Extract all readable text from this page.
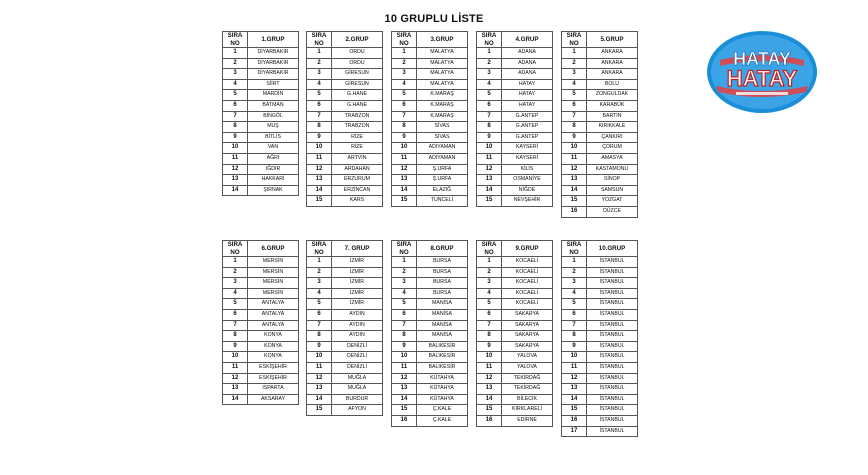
10 GRUPLU LİSTE
SIRA
NO	1.GRUP
1	DİYARBAKIR
2	DİYARBAKIR
3	DİYARBAKIR
4	SİİRT
5	MARDİN
6	BATMAN
7	BİNGÖL
8	MUŞ
9	BİTLİS
10	VAN
11	AĞRI
12	IĞDIR
13	HAKKARİ
14	ŞIRNAK
SIRA
NO	2.GRUP
1	ORDU
2	ORDU
3	GİRESUN
4	GİRESUN
5	G.HANE
6	G.HANE
7	TRABZON
8	TRABZON
9	RİZE
10	RİZE
11	ARTVİN
12	ARDAHAN
13	ERZURUM
14	ERZİNCAN
15	KARS
SIRA
NO	3.GRUP
1	MALATYA
2	MALATYA
3	MALATYA
4	MALATYA
5	K.MARAŞ
6	K.MARAŞ
7	K.MARAŞ
8	SİVAS
9	SİVAS
10	ADIYAMAN
11	ADIYAMAN
12	Ş.URFA
13	Ş.URFA
14	ELAZIĞ
15	TUNCELİ
SIRA
NO	4.GRUP
1	ADANA
2	ADANA
3	ADANA
4	HATAY
5	HATAY
6	HATAY
7	G.ANTEP
8	G.ANTEP
9	G.ANTEP
10	KAYSERİ
11	KAYSERİ
12	KİLİS
13	OSMANİYE
14	NİĞDE
15	NEVŞEHİR
SIRA
NO	5.GRUP
1	ANKARA
2	ANKARA
3	ANKARA
4	BOLU
5	ZONGULDAK
6	KARABÜK
7	BARTIN
8	KIRIKKALE
9	ÇANKIRI
10	ÇORUM
11	AMASYA
12	KASTAMONU
13	SİNOP
14	SAMSUN
15	YOZGAT
16	DÜZCE
SIRA
NO	6.GRUP
1	MERSİN
2	MERSİN
3	MERSİN
4	MERSİN
5	ANTALYA
6	ANTALYA
7	ANTALYA
8	KONYA
9	KONYA
10	KONYA
11	ESKİŞEHİR
12	ESKİŞEHİR
13	ISPARTA
14	AKSARAY
SIRA
NO	7. GRUP
1	İZMİR
2	İZMİR
3	İZMİR
4	İZMİR
5	İZMİR
6	AYDIN
7	AYDIN
8	AYDIN
9	DENİZLİ
10	DENİZLİ
11	DENİZLİ
12	MUĞLA
13	MUĞLA
14	BURDUR
15	AFYON
SIRA
NO	8.GRUP
1	BURSA
2	BURSA
3	BURSA
4	BURSA
5	MANİSA
6	MANİSA
7	MANİSA
8	MANİSA
9	BALIKESİR
10	BALIKESİR
11	BALIKESİR
12	KÜTAHYA
13	KÜTAHYA
14	KÜTAHYA
15	Ç.KALE
16	Ç.KALE
SIRA
NO	9.GRUP
1	KOCAELİ
2	KOCAELİ
3	KOCAELİ
4	KOCAELİ
5	KOCAELİ
6	SAKARYA
7	SAKARYA
8	SAKARYA
9	SAKARYA
10	YALOVA
11	YALOVA
12	TEKİRDAĞ
13	TEKİRDAĞ
14	BİLECİK
15	KIRKLARELİ
16	EDİRNE
SIRA
NO	10.GRUP
1	İSTANBUL
2	İSTANBUL
3	İSTANBUL
4	İSTANBUL
5	İSTANBUL
6	İSTANBUL
7	İSTANBUL
8	İSTANBUL
9	İSTANBUL
10	İSTANBUL
11	İSTANBUL
12	İSTANBUL
13	İSTANBUL
14	İSTANBUL
15	İSTANBUL
16	İSTANBUL
17	İSTANBUL
HATAY
HATAY
